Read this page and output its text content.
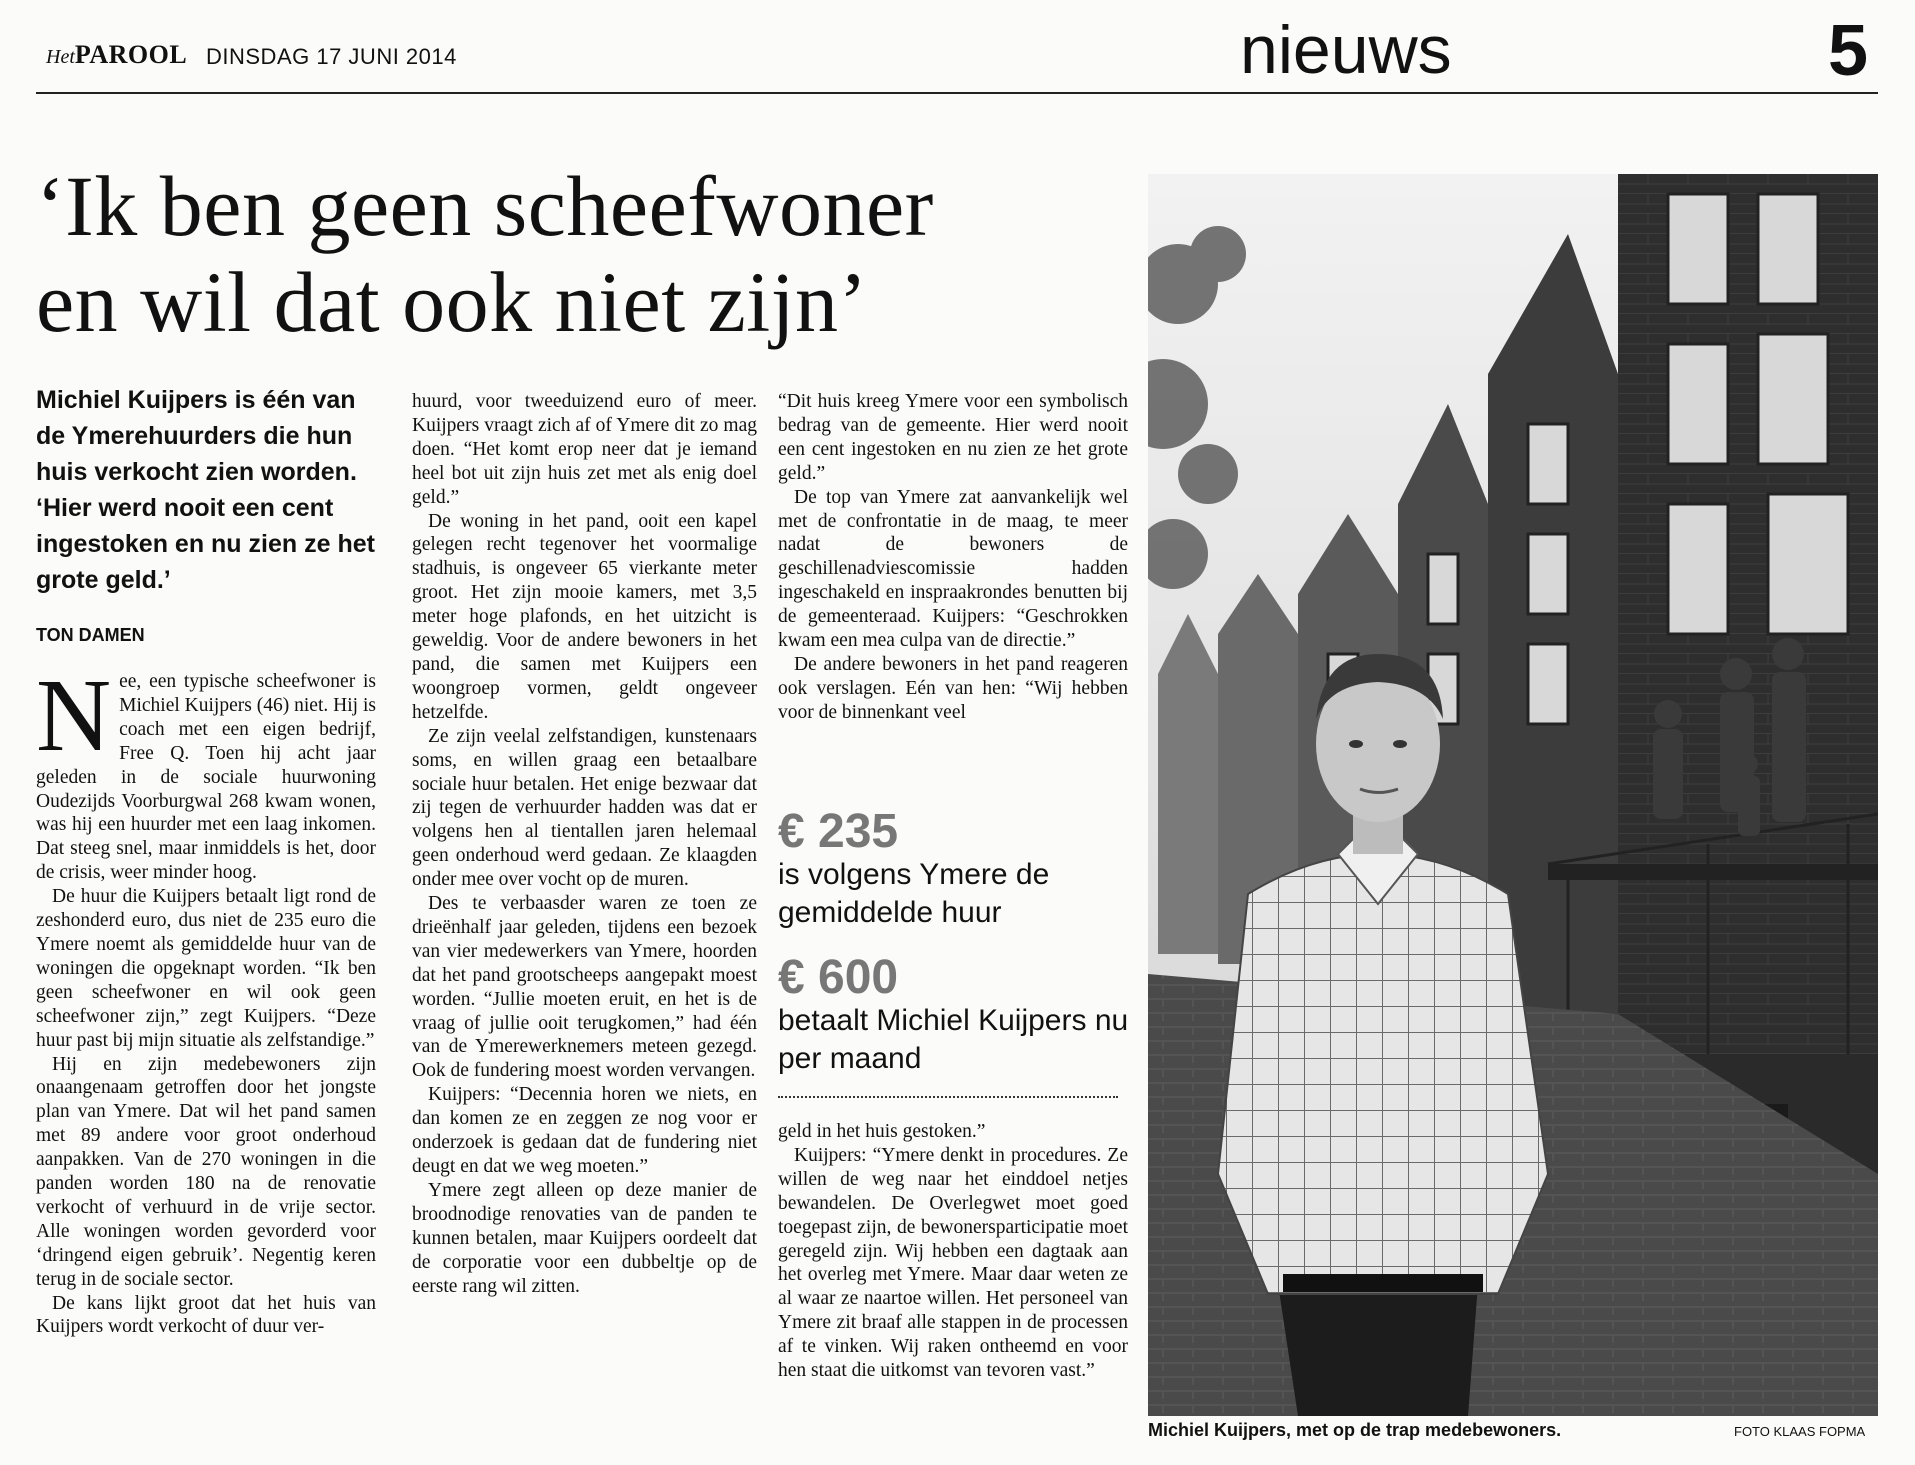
HetPAROOL DINSDAG 17 JUNI 2014	nieuws	5
‘Ik ben geen scheefwoner
en wil dat ook niet zijn’
Michiel Kuijpers is één van de Ymerehuurders die hun huis verkocht zien worden. ‘Hier werd nooit een cent ingestoken en nu zien ze het grote geld.’
TON DAMEN

Nee, een typische scheefwoner is Michiel Kuijpers (46) niet. Hij is coach met een eigen bedrijf, Free Q. Toen hij acht jaar geleden in de sociale huurwoning Oudezijds Voorburgwal 268 kwam wonen, was hij een huurder met een laag inkomen. Dat steeg snel, maar inmiddels is het, door de crisis, weer minder hoog.

De huur die Kuijpers betaalt ligt rond de zeshonderd euro, dus niet de 235 euro die Ymere noemt als gemiddelde huur van de woningen die opgeknapt worden. “Ik ben geen scheefwoner en wil ook geen scheefwoner zijn,” zegt Kuijpers. “Deze huur past bij mijn situatie als zelfstandige.”

Hij en zijn medebewoners zijn onaangenaam getroffen door het jongste plan van Ymere. Dat wil het pand samen met 89 andere voor groot onderhoud aanpakken. Van de 270 woningen in die panden worden 180 na de renovatie verkocht of verhuurd in de vrije sector. Alle woningen worden gevorderd voor ‘dringend eigen gebruik’. Negentig keren terug in de sociale sector.

De kans lijkt groot dat het huis van Kuijpers wordt verkocht of duur ver-

huurd, voor tweeduizend euro of meer. Kuijpers vraagt zich af of Ymere dit zo mag doen. “Het komt erop neer dat je iemand heel bot uit zijn huis zet met als enig doel geld.”

De woning in het pand, ooit een kapel gelegen recht tegenover het voormalige stadhuis, is ongeveer 65 vierkante meter groot. Het zijn mooie kamers, met 3,5 meter hoge plafonds, en het uitzicht is geweldig. Voor de andere bewoners in het pand, die samen met Kuijpers een woongroep vormen, geldt ongeveer hetzelfde.

Ze zijn veelal zelfstandigen, kunstenaars soms, en willen graag een betaalbare sociale huur betalen. Het enige bezwaar dat zij tegen de verhuurder hadden was dat er volgens hen al tientallen jaren helemaal geen onderhoud werd gedaan. Ze klaagden onder mee over vocht op de muren.

Des te verbaasder waren ze toen ze drieënhalf jaar geleden, tijdens een bezoek van vier medewerkers van Ymere, hoorden dat het pand grootscheeps aangepakt moest worden. “Jullie moeten eruit, en het is de vraag of jullie ooit terugkomen,” had één van de Ymerewerknemers meteen gezegd. Ook de fundering moest worden vervangen.

Kuijpers: “Decennia horen we niets, en dan komen ze en zeggen ze nog voor er onderzoek is gedaan dat de fundering niet deugt en dat we weg moeten.”

Ymere zegt alleen op deze manier de broodnodige renovaties van de panden te kunnen betalen, maar Kuijpers oordeelt dat de corporatie voor een dubbeltje op de eerste rang wil zitten.

“Dit huis kreeg Ymere voor een symbolisch bedrag van de gemeente. Hier werd nooit een cent ingestoken en nu zien ze het grote geld.”

De top van Ymere zat aanvankelijk wel met de confrontatie in de maag, te meer nadat de bewoners de geschillenadviescomissie hadden ingeschakeld en inspraakrondes benutten bij de gemeenteraad. Kuijpers: “Geschrokken kwam een mea culpa van de directie.”

De andere bewoners in het pand reageren ook verslagen. Eén van hen: “Wij hebben voor de binnenkant veel

€ 235
is volgens Ymere de gemiddelde huur
€ 600
betaalt Michiel Kuijpers nu per maand

geld in het huis gestoken.”

Kuijpers: “Ymere denkt in procedures. Ze willen de weg naar het einddoel netjes bewandelen. De Overlegwet moet goed toegepast zijn, de bewonersparticipatie moet geregeld zijn. Wij hebben een dagtaak aan het overleg met Ymere. Maar daar weten ze al waar ze naartoe willen. Het personeel van Ymere zit braaf alle stappen in de processen af te vinken. Wij raken ontheemd en voor hen staat die uitkomst van tevoren vast.”

Michiel Kuijpers, met op de trap medebewoners.	FOTO KLAAS FOPMA
